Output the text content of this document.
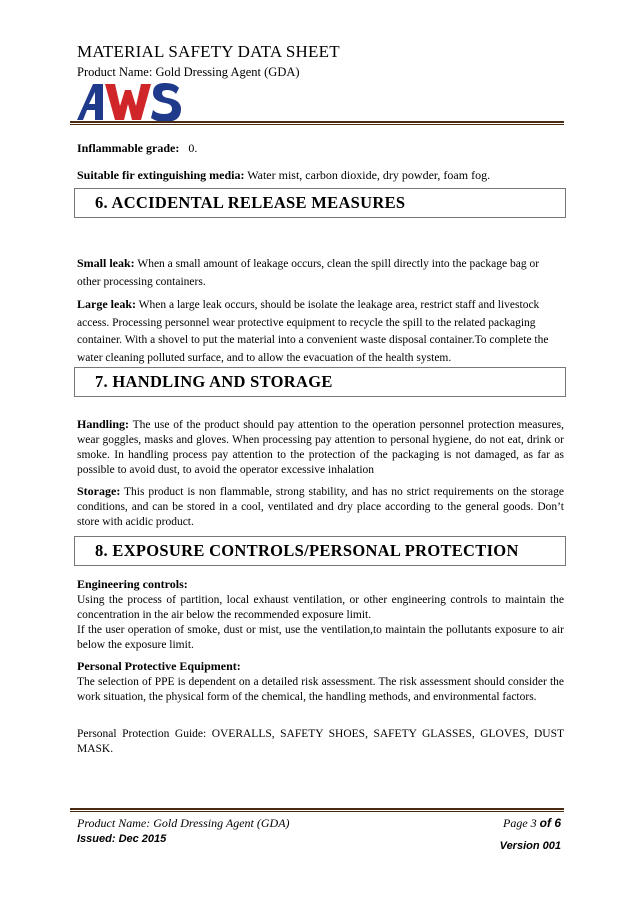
MATERIAL SAFETY DATA SHEET
Product Name: Gold Dressing Agent (GDA)
Inflammable grade: 0.
Suitable fir extinguishing media: Water mist, carbon dioxide, dry powder, foam fog.
6. ACCIDENTAL RELEASE MEASURES
Small leak: When a small amount of leakage occurs, clean the spill directly into the package bag or other processing containers.
Large leak: When a large leak occurs, should be isolate the leakage area, restrict staff and livestock access. Processing personnel wear protective equipment to recycle the spill to the related packaging container. With a shovel to put the material into a convenient waste disposal container.To complete the water cleaning polluted surface, and to allow the evacuation of the health system.
7. HANDLING AND STORAGE
Handling: The use of the product should pay attention to the operation personnel protection measures, wear goggles, masks and gloves. When processing pay attention to personal hygiene, do not eat, drink or smoke. In handling process pay attention to the protection of the packaging is not damaged, as far as possible to avoid dust, to avoid the operator excessive inhalation
Storage: This product is non flammable, strong stability, and has no strict requirements on the storage conditions, and can be stored in a cool, ventilated and dry place according to the general goods. Don’t store with acidic product.
8. EXPOSURE CONTROLS/PERSONAL PROTECTION
Engineering controls:
Using the process of partition, local exhaust ventilation, or other engineering controls to maintain the concentration in the air below the recommended exposure limit.
If the user operation of smoke, dust or mist, use the ventilation,to maintain the pollutants exposure to air below the exposure limit.
Personal Protective Equipment:
The selection of PPE is dependent on a detailed risk assessment. The risk assessment should consider the work situation, the physical form of the chemical, the handling methods, and environmental factors.
Personal Protection Guide: OVERALLS, SAFETY SHOES, SAFETY GLASSES, GLOVES, DUST MASK.
Product Name: Gold Dressing Agent (GDA)
Issued: Dec 2015
Page 3 of 6
Version 001
